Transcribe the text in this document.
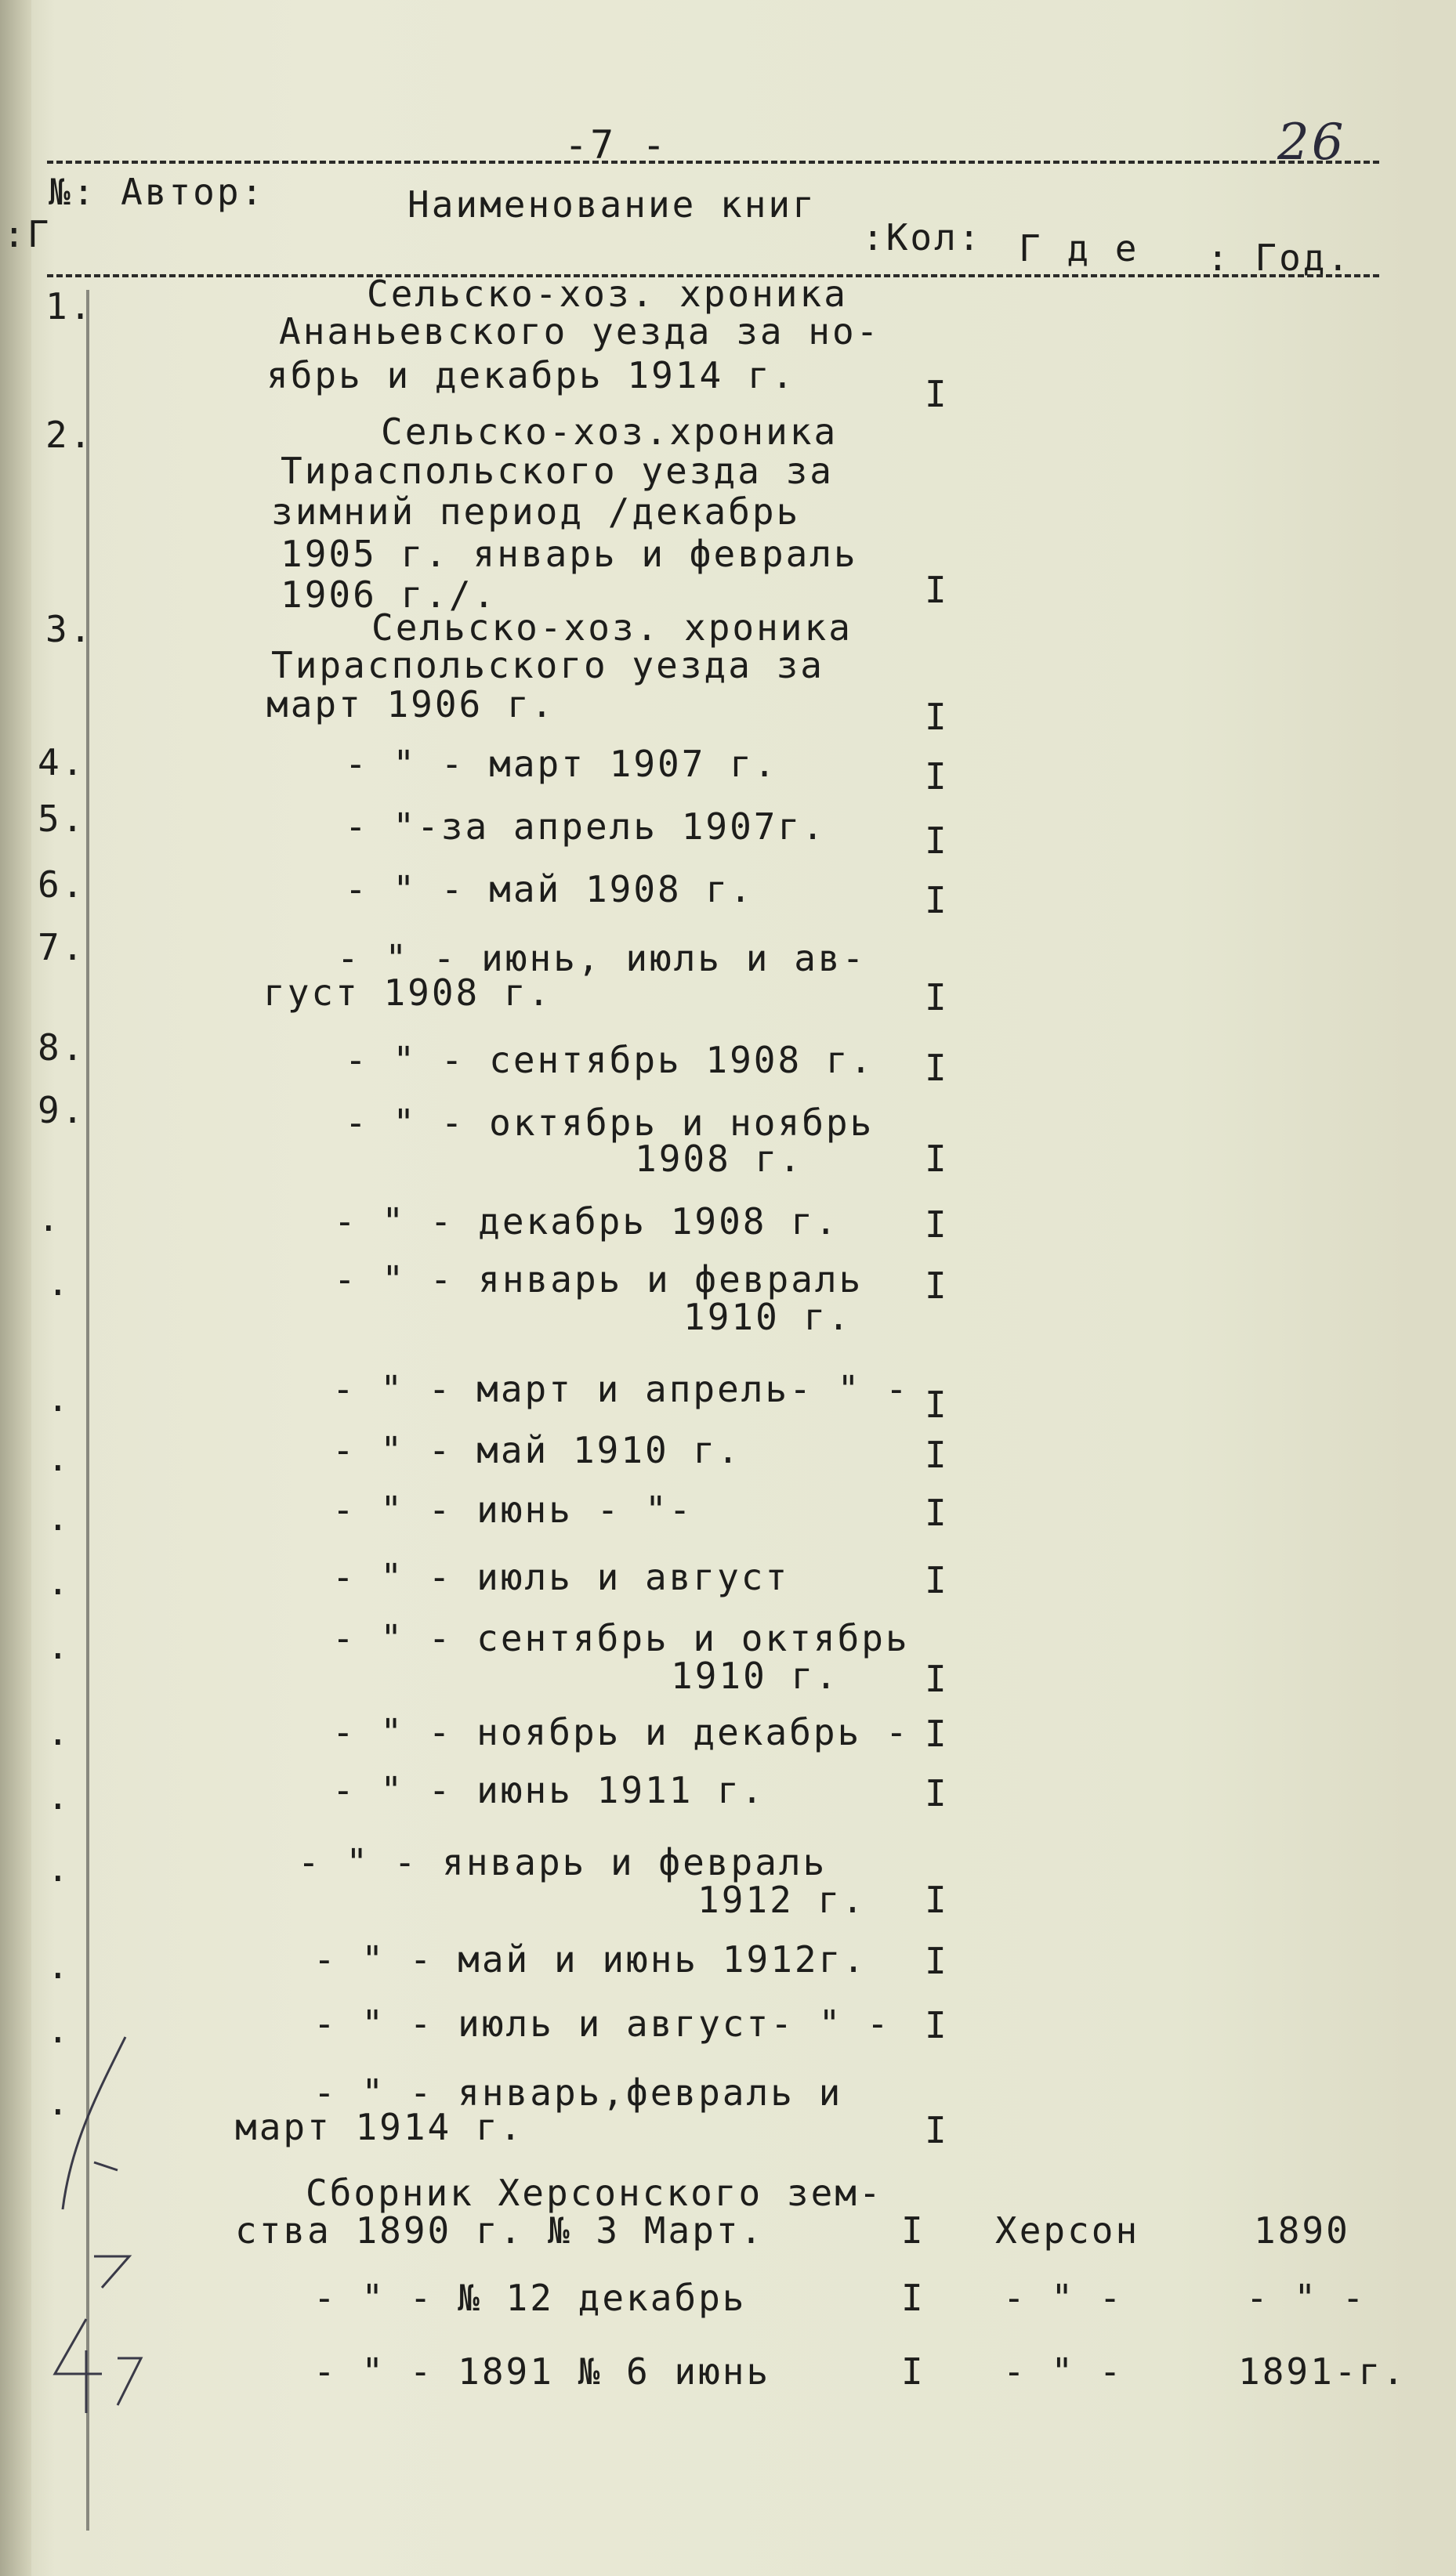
-7 -	26
№: Автор:	Наименование книг
:Кол: Г д е : Год.
:Г
1.	Сельско-хоз. хроника
Ананьевского уезда за но-
ябрь и декабрь 1914 г.	I
2.	Сельско-хоз.хроника
Тираспольского уезда за
зимний период /декабрь
1905 г. январь и февраль
1906 г./.	I
3.	Сельско-хоз. хроника
Тираспольского уезда за
март 1906 г.	I
4.	- " - март 1907 г.	I
5.	- "-за апрель 1907г.	I
6.	- " - май 1908 г.	I
7.	- " - июнь, июль и ав-
густ 1908 г.	I
8.	- " - сентябрь 1908 г. I
9.	- " - октябрь и ноябрь
1908 г.	I
.	- " - декабрь 1908 г. I
.	- " - январь и февраль
1910 г.
I
.	- " - март и апрель- " - I
.	- " - май 1910 г.	I
.	- " - июнь - "-	I
.	- " - июль и август	I
.	- " - сентябрь и октябрь
1910 г. I
.	- " - ноябрь и декабрь - I
.	- " - июнь 1911 г.	I
.	- " - январь и февраль
1912 г. I
.	- " - май и июнь 1912г. I
.	- " - июль и август- " - I
.	- " - январь,февраль и
март 1914 г.	I
Сборник Херсонского зем-
ства 1890 г. № 3 Март.	I Херсон	1890
- " - № 12 декабрь	I - " -	- " -
- " - 1891 № 6 июнь	I - " -	1891-г.
